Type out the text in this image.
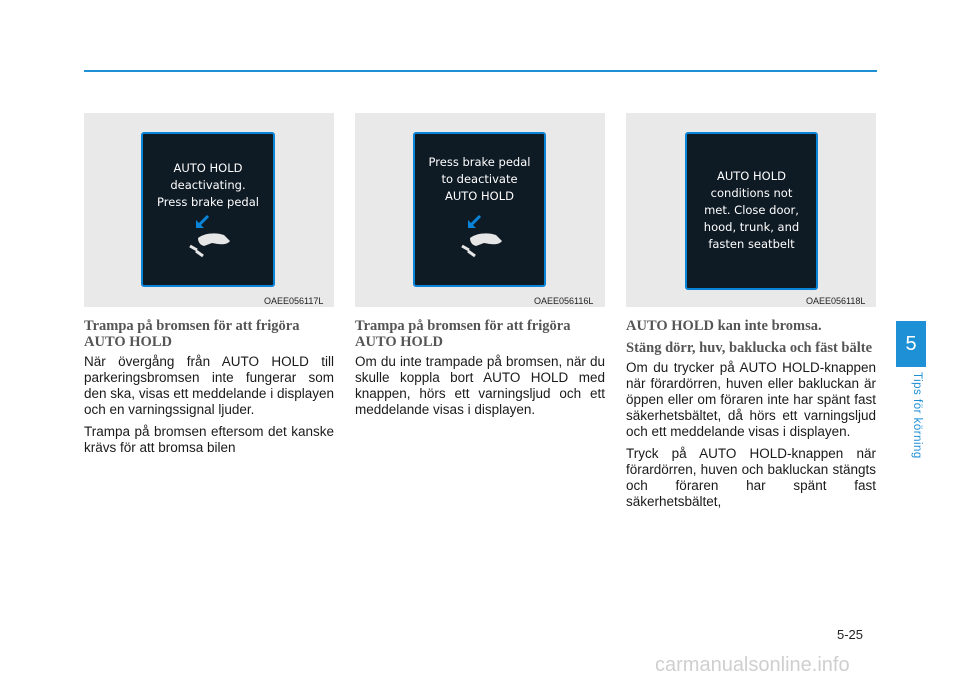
AUTO HOLD
deactivating.
Press brake pedal
OAEE056117L
Press brake pedal
to deactivate
AUTO HOLD
OAEE056116L
AUTO HOLD
conditions not
met. Close door,
hood, trunk, and
fasten seatbelt
OAEE056118L

Trampa på bromsen för att frigöra AUTO HOLD

När övergång från AUTO HOLD till parkeringsbromsen inte fungerar som den ska, visas ett meddelande i displayen och en varningssignal ljuder.

Trampa på bromsen eftersom det kanske krävs för att bromsa bilen

Trampa på bromsen för att frigöra AUTO HOLD

Om du inte trampade på bromsen, när du skulle koppla bort AUTO HOLD med knappen, hörs ett varningsljud och ett meddelande visas i displayen.

AUTO HOLD kan inte bromsa.

Stäng dörr, huv, baklucka och fäst bälte

Om du trycker på AUTO HOLD-knappen när förardörren, huven eller bakluckan är öppen eller om föraren inte har spänt fast säkerhetsbältet, då hörs ett varningsljud och ett meddelande visas i displayen.

Tryck på AUTO HOLD-knappen när förardörren, huven och bakluckan stängts och föraren har spänt fast säkerhetsbältet,

5
Tips för körning
5-25
carmanualsonline.info
